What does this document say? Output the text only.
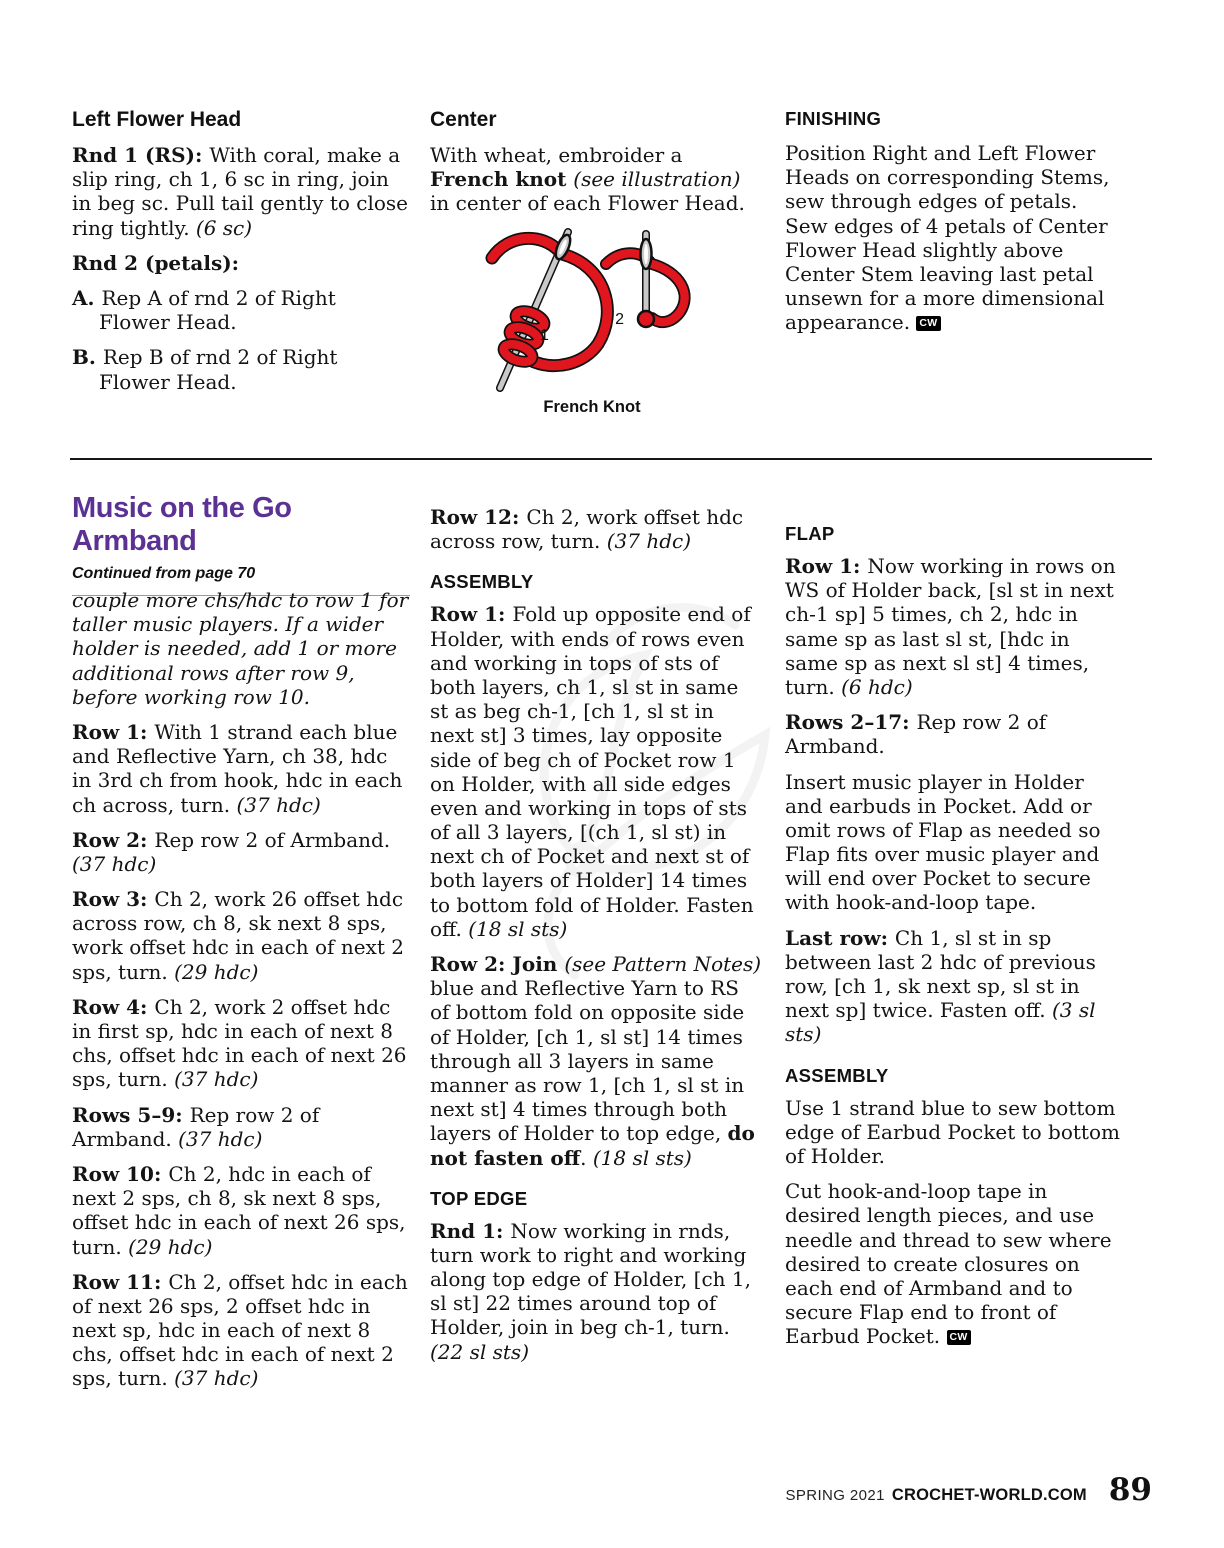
Left Flower Head

Rnd 1 (RS): With coral, make a slip ring, ch 1, 6 sc in ring, join in beg sc. Pull tail gently to close ring tightly. (6 sc)

Rnd 2 (petals):

A. Rep A of rnd 2 of Right Flower Head.

B. Rep B of rnd 2 of Right Flower Head.

Center

With wheat, embroider a French knot (see illustration) in center of each Flower Head.

1
2
French Knot
FINISHING

Position Right and Left Flower Heads on corresponding Stems, sew through edges of petals. Sew edges of 4 petals of Center Flower Head slightly above Center Stem leaving last petal unsewn for a more dimensional appearance. CW

Music on the Go Armband
Continued from page 70

couple more chs/hdc to row 1 for taller music players. If a wider holder is needed, add 1 or more additional rows after row 9, before working row 10.

Row 1: With 1 strand each blue and Reflective Yarn, ch 38, hdc in 3rd ch from hook, hdc in each ch across, turn. (37 hdc)

Row 2: Rep row 2 of Armband. (37 hdc)

Row 3: Ch 2, work 26 offset hdc across row, ch 8, sk next 8 sps, work offset hdc in each of next 2 sps, turn. (29 hdc)

Row 4: Ch 2, work 2 offset hdc in first sp, hdc in each of next 8 chs, offset hdc in each of next 26 sps, turn. (37 hdc)

Rows 5–9: Rep row 2 of Armband. (37 hdc)

Row 10: Ch 2, hdc in each of next 2 sps, ch 8, sk next 8 sps, offset hdc in each of next 26 sps, turn. (29 hdc)

Row 11: Ch 2, offset hdc in each of next 26 sps, 2 offset hdc in next sp, hdc in each of next 8 chs, offset hdc in each of next 2 sps, turn. (37 hdc)

Row 12: Ch 2, work offset hdc across row, turn. (37 hdc)

ASSEMBLY

Row 1: Fold up opposite end of Holder, with ends of rows even and working in tops of sts of both layers, ch 1, sl st in same st as beg ch-1, [ch 1, sl st in next st] 3 times, lay opposite side of beg ch of Pocket row 1 on Holder, with all side edges even and working in tops of sts of all 3 layers, [(ch 1, sl st) in next ch of Pocket and next st of both layers of Holder] 14 times to bottom fold of Holder. Fasten off. (18 sl sts)

Row 2: Join (see Pattern Notes) blue and Reflective Yarn to RS of bottom fold on opposite side of Holder, [ch 1, sl st] 14 times through all 3 layers in same manner as row 1, [ch 1, sl st in next st] 4 times through both layers of Holder to top edge, do not fasten off. (18 sl sts)

TOP EDGE

Rnd 1: Now working in rnds, turn work to right and working along top edge of Holder, [ch 1, sl st] 22 times around top of Holder, join in beg ch-1, turn. (22 sl sts)

FLAP

Row 1: Now working in rows on WS of Holder back, [sl st in next ch-1 sp] 5 times, ch 2, hdc in same sp as last sl st, [hdc in same sp as next sl st] 4 times, turn. (6 hdc)

Rows 2–17: Rep row 2 of Armband.

Insert music player in Holder and earbuds in Pocket. Add or omit rows of Flap as needed so Flap fits over music player and will end over Pocket to secure with hook-and-loop tape.

Last row: Ch 1, sl st in sp between last 2 hdc of previous row, [ch 1, sk next sp, sl st in next sp] twice. Fasten off. (3 sl sts)

ASSEMBLY

Use 1 strand blue to sew bottom edge of Earbud Pocket to bottom of Holder.

Cut hook-and-loop tape in desired length pieces, and use needle and thread to sew where desired to create closures on each end of Armband and to secure Flap end to front of Earbud Pocket. CW

SPRING 2021 CROCHET-WORLD.COM 89
